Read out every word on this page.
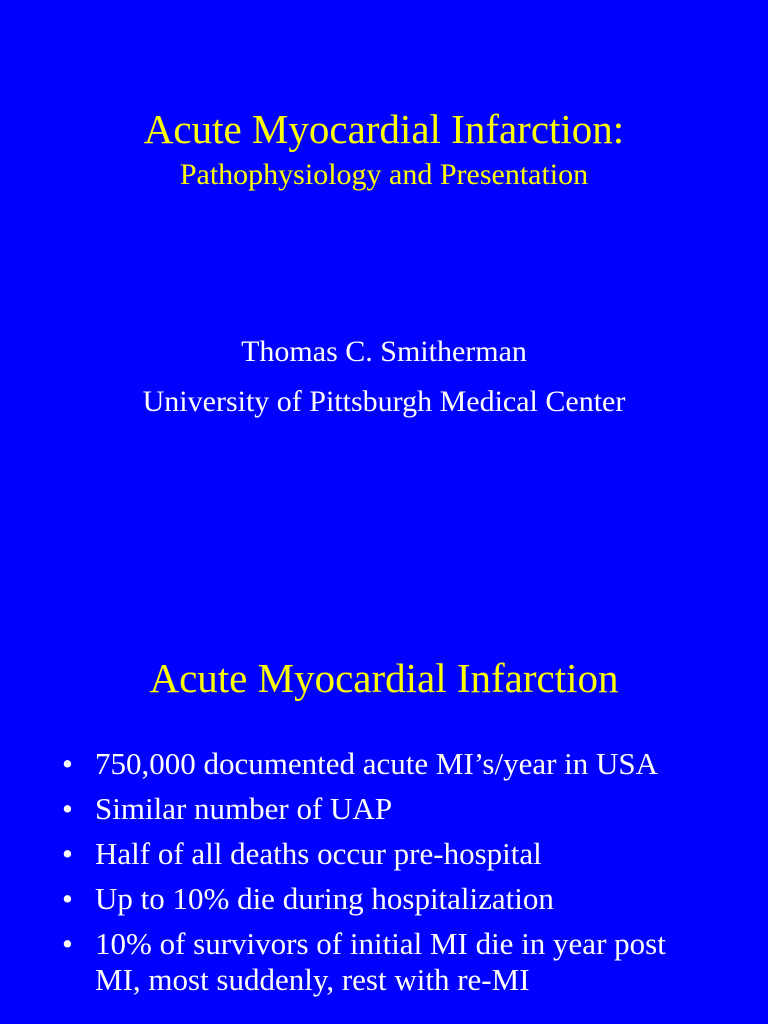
Acute Myocardial Infarction:
Pathophysiology and Presentation
Thomas C. Smitherman
University of Pittsburgh Medical Center
Acute Myocardial Infarction
• 750,000 documented acute MI’s/year in USA
• Similar number of UAP
• Half of all deaths occur pre-hospital
• Up to 10% die during hospitalization
• 10% of survivors of initial MI die in year post MI, most suddenly, rest with re-MI
